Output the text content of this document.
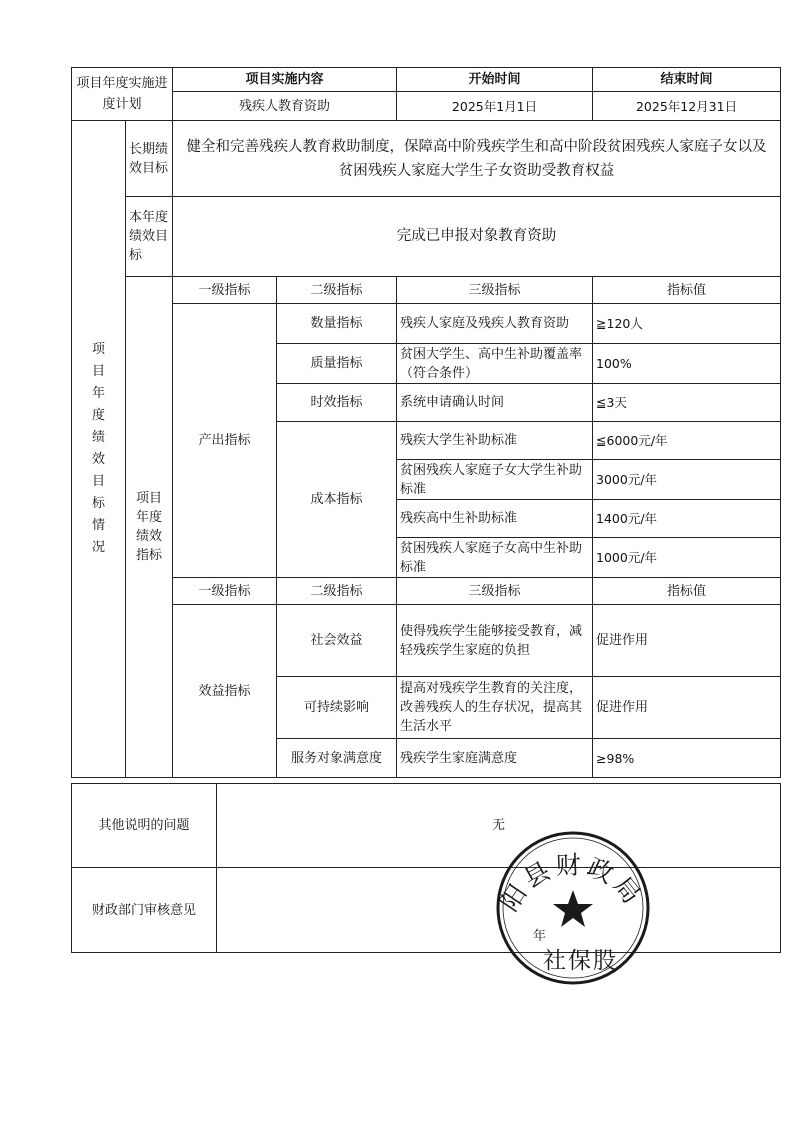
项目年度实施进度计划		项目实施内容		开始时间	结束时间
		残疾人教育资助		2025年1月1日	2025年12月31日
项目年度绩效目标情况	长期绩效目标	健全和完善残疾人教育救助制度，保障高中阶残疾学生和高中阶段贫困残疾人家庭子女以及贫困残疾人家庭大学生子女资助受教育权益			
	本年度绩效目标	完成已申报对象教育资助			
	项目年度绩效指标	一级指标	二级指标	三级指标	指标值
		产出指标	数量指标	残疾人家庭及残疾人教育资助	≧120人
			质量指标	贫困大学生、高中生补助覆盖率（符合条件）	100%
			时效指标	系统申请确认时间	≦3天
			成本指标	残疾大学生补助标准	≦6000元/年
				贫困残疾人家庭子女大学生补助标准	3000元/年
				残疾高中生补助标准	1400元/年
				贫困残疾人家庭子女高中生补助标准	1000元/年
		一级指标	二级指标	三级指标	指标值
		效益指标	社会效益	使得残疾学生能够接受教育，减轻残疾学生家庭的负担	促进作用
			可持续影响	提高对残疾学生教育的关注度，改善残疾人的生存状况，提高其生活水平	促进作用
			服务对象满意度	残疾学生家庭满意度	≥98%
其他说明的问题	无
财政部门审核意见		阳县财政局
年
社保股
